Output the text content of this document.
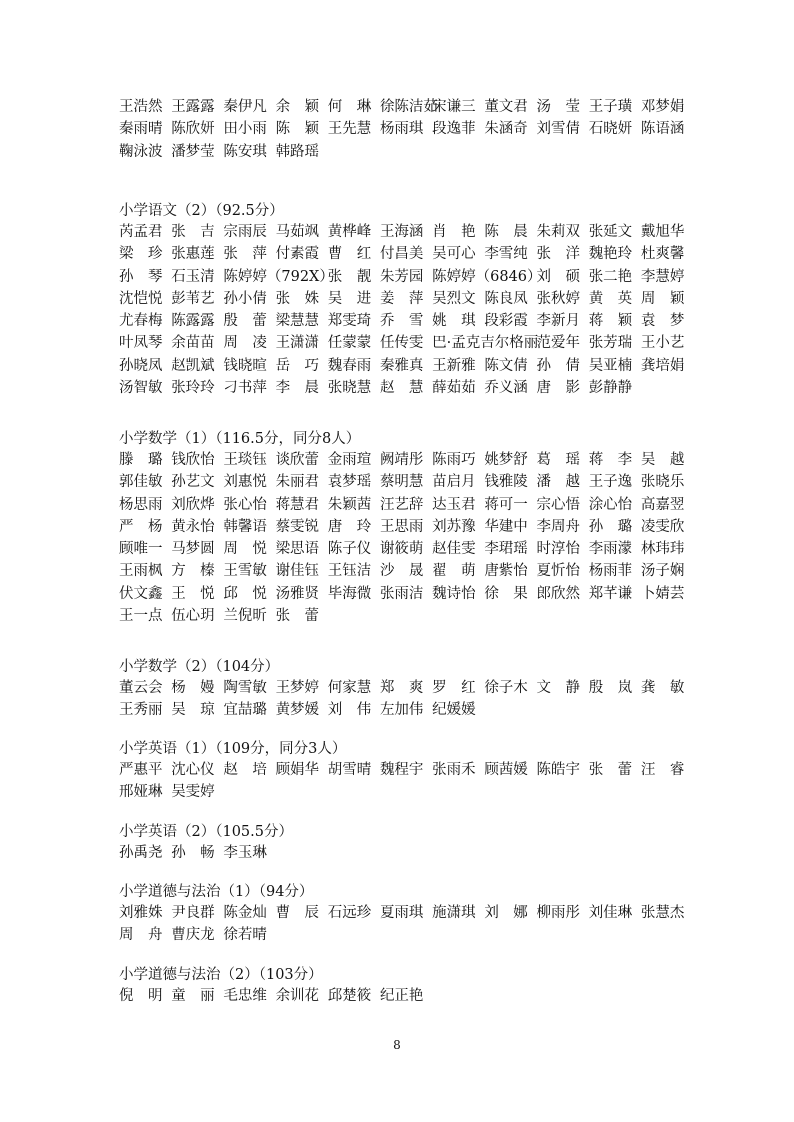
王浩然 王露露 秦伊凡 余　颖 何　琳 徐陈洁茹
宋谦三 董文君 汤　莹 王子璜 邓梦娟
秦雨晴 陈欣妍 田小雨 陈　颖 王先慧 杨雨琪 段逸菲 朱涵奇 刘雪倩 石晓妍 陈语涵
鞠泳波 潘梦莹 陈安琪 韩路瑶
小学语文（2）（92.5分）
芮孟君 张　吉 宗雨辰 马茹飒 黄桦峰 王海涵 肖　艳 陈　晨 朱莉双 张延文 戴旭华
梁　珍 张惠莲 张　萍 付素霞 曹　红 付昌美 吴可心 李雪纯 张　洋 魏艳玲 杜爽馨
孙　琴 石玉清 陈婷婷（792X）
张　靓 朱芳园 陈婷婷（6846）
刘　硕 张二艳 李慧婷
沈恺悦 彭苇艺 孙小倩 张　姝 吴　进 姜　萍 吴烈文 陈良凤 张秋婷 黄　英 周　颖
尤春梅 陈露露 殷　蕾 梁慧慧 郑雯琦 乔　雪 姚　琪 段彩霞 李新月 蒋　颖 袁　梦
叶凤琴 余苗苗 周　凌 王潇潇 任蒙蒙 任传雯 巴·孟克吉尔格丽
范爱年 张芳瑞 王小艺
孙晓凤 赵凯斌 钱晓暄 岳　巧 魏春雨 秦雅真 王新雅 陈文倩 孙　倩 吴亚楠 龚培娟
汤智敏 张玲玲 刁书萍 李　晨 张晓慧 赵　慧 薛茹茹 乔义涵 唐　影 彭静静
小学数学（1）（116.5分，同分8人）
滕　璐 钱欣怡 王琰钰 谈欣蕾 金雨瑄 阙靖彤 陈雨巧 姚梦舒 葛　瑶 蒋　李 吴　越
郭佳敏 孙艺文 刘惠悦 朱丽君 袁梦瑶 蔡明慧 苗启月 钱雅陵 潘　越 王子逸 张晓乐
杨思雨 刘欣烨 张心怡 蒋慧君 朱颖茜 汪艺辞 达玉君 蒋可一 宗心悟 涂心怡 高嘉翌
严　杨 黄永怡 韩馨语 蔡雯锐 唐　玲 王思雨 刘苏豫 华建中 李周舟 孙　璐 凌雯欣
顾唯一 马梦圆 周　悦 梁思语 陈子仪 谢筱萌 赵佳雯 李珺瑶 时淳怡 李雨濛 林玮玮
王雨枫 方　榛 王雪敏 谢佳钰 王钰洁 沙　晟 翟　萌 唐紫怡 夏忻怡 杨雨菲 汤子娴
伏文鑫 王　悦 邱　悦 汤雅贤 毕海微 张雨洁 魏诗怡 徐　果 郎欣然 郑芊谦 卜婧芸
王一点 伍心玥 兰倪昕 张　蕾
小学数学（2）（104分）
董云会 杨　嫚 陶雪敏 王梦婷 何家慧 郑　爽 罗　红 徐子木 文　静 殷　岚 龚　敏
王秀丽 吴　琼 宜喆璐 黄梦媛 刘　伟 左加伟 纪媛媛
小学英语（1）（109分，同分3人）
严惠平 沈心仪 赵　培 顾娟华 胡雪晴 魏程宇 张雨禾 顾茜媛 陈皓宇 张　蕾 汪　睿
邢娅琳 吴雯婷
小学英语（2）（105.5分）
孙禹尧 孙　畅 李玉琳
小学道德与法治（1）（94分）
刘雅姝 尹良群 陈金灿 曹　辰 石远珍 夏雨琪 施潇琪 刘　娜 柳雨彤 刘佳琳 张慧杰
周　舟 曹庆龙 徐若晴
小学道德与法治（2）（103分）
倪　明 童　丽 毛忠维 余训花 邱楚筱 纪正艳
8
